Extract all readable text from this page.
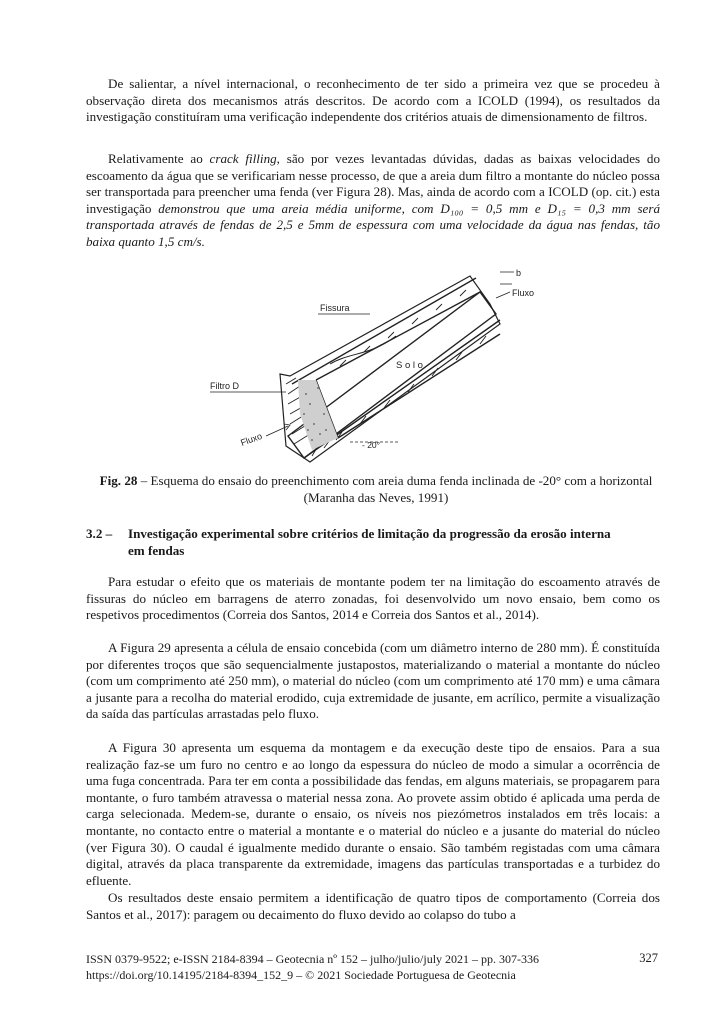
De salientar, a nível internacional, o reconhecimento de ter sido a primeira vez que se procedeu à observação direta dos mecanismos atrás descritos. De acordo com a ICOLD (1994), os resultados da investigação constituíram uma verificação independente dos critérios atuais de dimensionamento de filtros.

Relativamente ao crack filling, são por vezes levantadas dúvidas, dadas as baixas velocidades do escoamento da água que se verificariam nesse processo, de que a areia dum filtro a montante do núcleo possa ser transportada para preencher uma fenda (ver Figura 28). Mas, ainda de acordo com a ICOLD (op. cit.) esta investigação demonstrou que uma areia média uniforme, com D₁₀₀ = 0,5 mm e D₁₅ = 0,3 mm será transportada através de fendas de 2,5 e 5mm de espessura com uma velocidade da água nas fendas, tão baixa quanto 1,5 cm/s.

Fissura
Fluxo
b
S o l o
Filtro D
Fluxo	- 20°

Fig. 28 – Esquema do ensaio do preenchimento com areia duma fenda inclinada de -20° com a horizontal (Maranha das Neves, 1991)

3.2 – Investigação experimental sobre critérios de limitação da progressão da erosão interna em fendas

Para estudar o efeito que os materiais de montante podem ter na limitação do escoamento através de fissuras do núcleo em barragens de aterro zonadas, foi desenvolvido um novo ensaio, bem como os respetivos procedimentos (Correia dos Santos, 2014 e Correia dos Santos et al., 2014).

A Figura 29 apresenta a célula de ensaio concebida (com um diâmetro interno de 280 mm). É constituída por diferentes troços que são sequencialmente justapostos, materializando o material a montante do núcleo (com um comprimento até 250 mm), o material do núcleo (com um comprimento até 170 mm) e uma câmara a jusante para a recolha do material erodido, cuja extremidade de jusante, em acrílico, permite a visualização da saída das partículas arrastadas pelo fluxo.

A Figura 30 apresenta um esquema da montagem e da execução deste tipo de ensaios. Para a sua realização faz-se um furo no centro e ao longo da espessura do núcleo de modo a simular a ocorrência de uma fuga concentrada. Para ter em conta a possibilidade das fendas, em alguns materiais, se propagarem para montante, o furo também atravessa o material nessa zona. Ao provete assim obtido é aplicada uma perda de carga selecionada. Medem-se, durante o ensaio, os níveis nos piezómetros instalados em três locais: a montante, no contacto entre o material a montante e o material do núcleo e a jusante do material do núcleo (ver Figura 30). O caudal é igualmente medido durante o ensaio. São também registadas com uma câmara digital, através da placa transparente da extremidade, imagens das partículas transportadas e a turbidez do efluente.

Os resultados deste ensaio permitem a identificação de quatro tipos de comportamento (Correia dos Santos et al., 2017): paragem ou decaimento do fluxo devido ao colapso do tubo a

ISSN 0379-9522; e-ISSN 2184-8394 – Geotecnia nº 152 – julho/julio/july 2021 – pp. 307-336
https://doi.org/10.14195/2184-8394_152_9 – © 2021 Sociedade Portuguesa de Geotecnia
327
